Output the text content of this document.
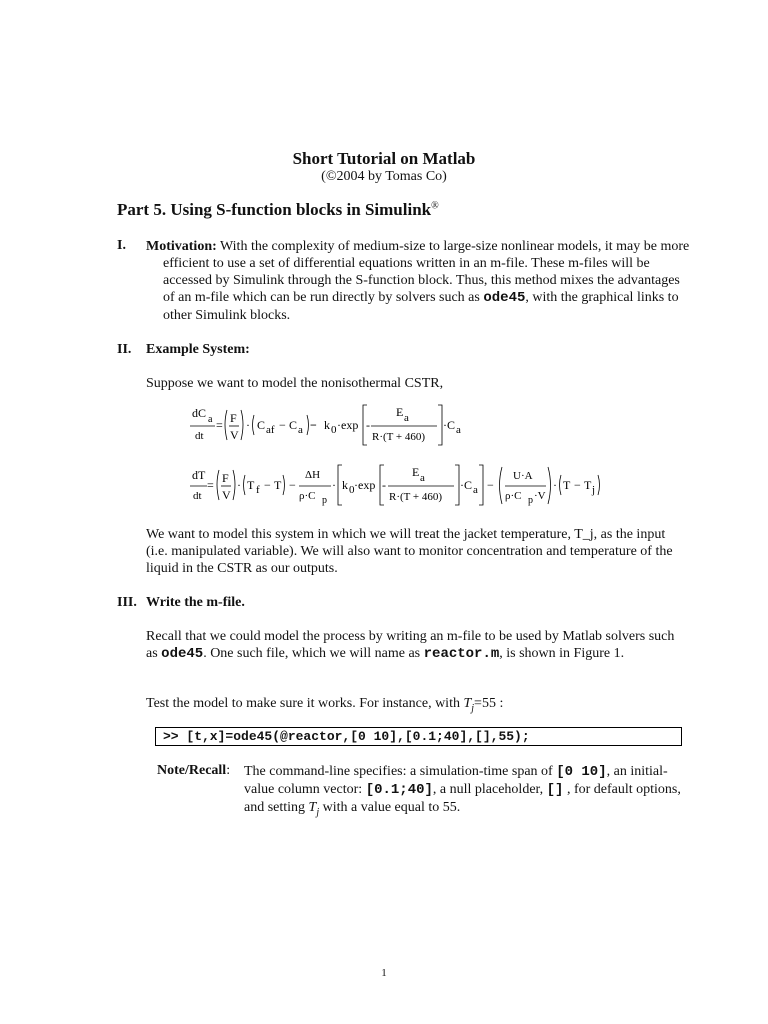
Short Tutorial on Matlab
(©2004 by Tomas Co)
Part 5. Using S-function blocks in Simulink®
I. Motivation: With the complexity of medium-size to large-size nonlinear models, it may be more efficient to use a set of differential equations written in an m-file. These m-files will be accessed by Simulink through the S-function block. Thus, this method mixes the advantages of an m-file which can be run directly by solvers such as ode45, with the graphical links to other Simulink blocks.
II. Example System:
Suppose we want to model the nonisothermal CSTR,
dC a
dt
= F
V
· C af − C a − k 0 ·exp -
E a
R·(T + 460)
·C a
dT
dt
= F
V
· T f − T −
ΔH
ρ·C p
· k 0 ·exp -
E a
R·(T + 460)
·C a −
U·A
ρ·C p ·V
· T − T j
We want to model this system in which we will treat the jacket temperature, T_j, as the input (i.e. manipulated variable). We will also want to monitor concentration and temperature of the liquid in the CSTR as our outputs.
III. Write the m-file.
Recall that we could model the process by writing an m-file to be used by Matlab solvers such as ode45. One such file, which we will name as reactor.m, is shown in Figure 1.
Test the model to make sure it works. For instance, with $T_j=55$ :
>> [t,x]=ode45(@reactor,[0 10],[0.1;40],[],55);
Note/Recall: The command-line specifies: a simulation-time span of [0 10], an initial-value column vector: [0.1;40], a null placeholder, [] , for default options, and setting $T_j$ with a value equal to 55.
1
